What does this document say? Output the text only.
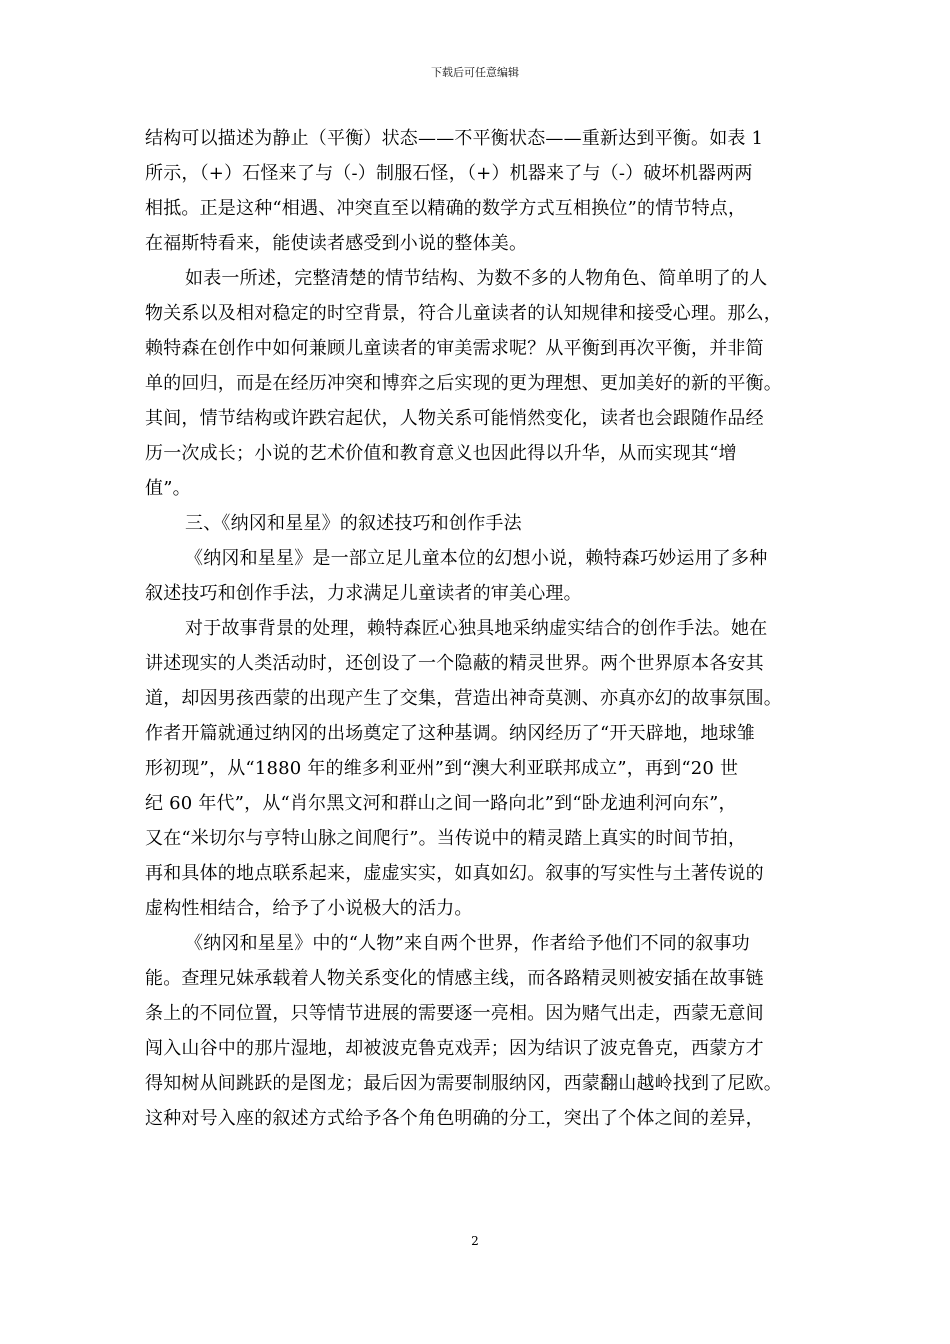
下载后可任意编辑

结构可以描述为静止（平衡）状态——不平衡状态——重新达到平衡。如表 1
所示，（+）石怪来了与（-）制服石怪，（+）机器来了与（-）破坏机器两两
相抵。正是这种“相遇、冲突直至以精确的数学方式互相换位”的情节特点，
在福斯特看来，能使读者感受到小说的整体美。

如表一所述，完整清楚的情节结构、为数不多的人物角色、简单明了的人
物关系以及相对稳定的时空背景，符合儿童读者的认知规律和接受心理。那么，
赖特森在创作中如何兼顾儿童读者的审美需求呢？从平衡到再次平衡，并非简
单的回归，而是在经历冲突和博弈之后实现的更为理想、更加美好的新的平衡。
其间，情节结构或许跌宕起伏，人物关系可能悄然变化，读者也会跟随作品经
历一次成长；小说的艺术价值和教育意义也因此得以升华，从而实现其“增
值”。

三、《纳冈和星星》的叙述技巧和创作手法

《纳冈和星星》是一部立足儿童本位的幻想小说，赖特森巧妙运用了多种
叙述技巧和创作手法，力求满足儿童读者的审美心理。

对于故事背景的处理，赖特森匠心独具地采纳虚实结合的创作手法。她在
讲述现实的人类活动时，还创设了一个隐蔽的精灵世界。两个世界原本各安其
道，却因男孩西蒙的出现产生了交集，营造出神奇莫测、亦真亦幻的故事氛围。
作者开篇就通过纳冈的出场奠定了这种基调。纳冈经历了“开天辟地，地球雏
形初现”，从“1880 年的维多利亚州”到“澳大利亚联邦成立”，再到“20 世
纪 60 年代”，从“肖尔黑文河和群山之间一路向北”到“卧龙迪利河向东”，
又在“米切尔与亨特山脉之间爬行”。当传说中的精灵踏上真实的时间节拍，
再和具体的地点联系起来，虚虚实实，如真如幻。叙事的写实性与土著传说的
虚构性相结合，给予了小说极大的活力。

《纳冈和星星》中的“人物”来自两个世界，作者给予他们不同的叙事功
能。查理兄妹承载着人物关系变化的情感主线，而各路精灵则被安插在故事链
条上的不同位置，只等情节进展的需要逐一亮相。因为赌气出走，西蒙无意间
闯入山谷中的那片湿地，却被波克鲁克戏弄；因为结识了波克鲁克，西蒙方才
得知树从间跳跃的是图龙；最后因为需要制服纳冈，西蒙翻山越岭找到了尼欧。
这种对号入座的叙述方式给予各个角色明确的分工，突出了个体之间的差异，

2
